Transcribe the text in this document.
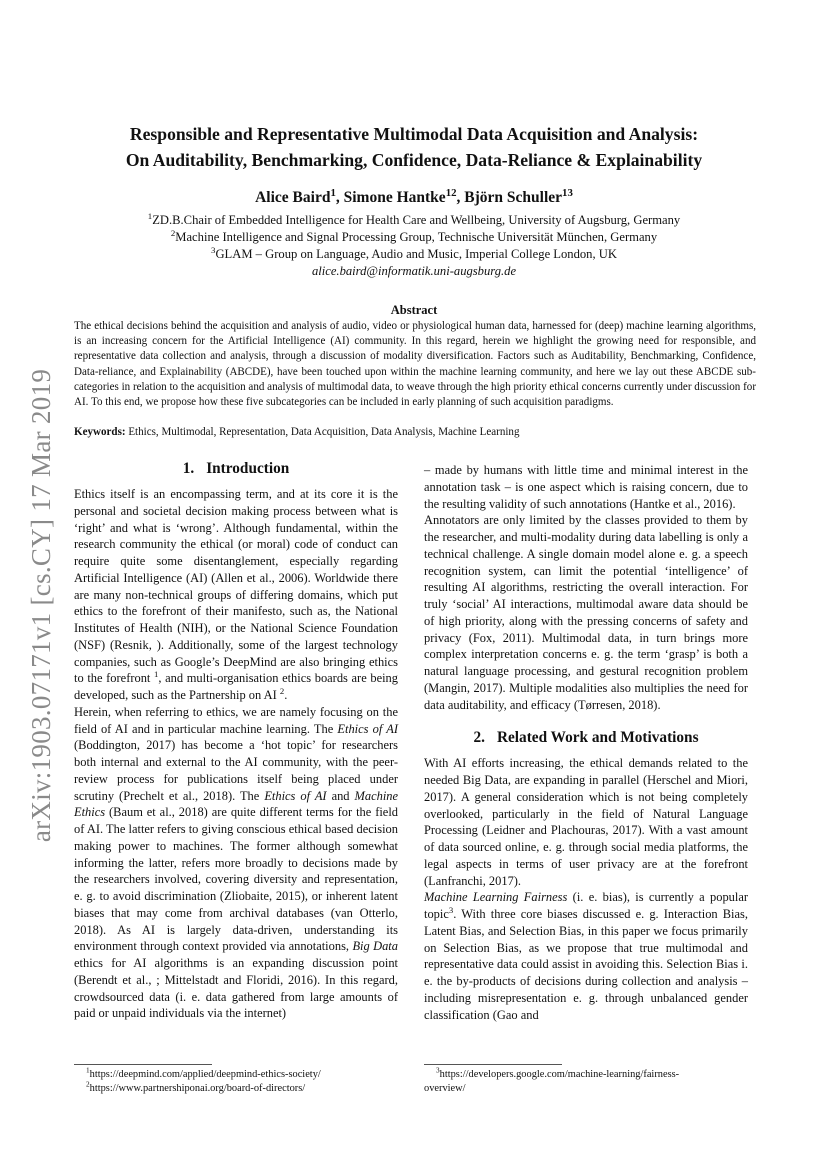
arXiv:1903.07171v1 [cs.CY] 17 Mar 2019
Responsible and Representative Multimodal Data Acquisition and Analysis:
On Auditability, Benchmarking, Confidence, Data-Reliance & Explainability
Alice Baird$^1$, Simone Hantke$^{12}$, Björn Schuller$^{13}$
$^1$ZD.B.Chair of Embedded Intelligence for Health Care and Wellbeing, University of Augsburg, Germany
$^2$Machine Intelligence and Signal Processing Group, Technische Universität München, Germany
$^3$GLAM – Group on Language, Audio and Music, Imperial College London, UK
alice.baird@informatik.uni-augsburg.de
Abstract
The ethical decisions behind the acquisition and analysis of audio, video or physiological human data, harnessed for (deep) machine learning algorithms, is an increasing concern for the Artificial Intelligence (AI) community. In this regard, herein we highlight the growing need for responsible, and representative data collection and analysis, through a discussion of modality diversification. Factors such as Auditability, Benchmarking, Confidence, Data-reliance, and Explainability (ABCDE), have been touched upon within the machine learning community, and here we lay out these ABCDE sub-categories in relation to the acquisition and analysis of multimodal data, to weave through the high priority ethical concerns currently under discussion for AI. To this end, we propose how these five subcategories can be included in early planning of such acquisition paradigms.
Keywords: Ethics, Multimodal, Representation, Data Acquisition, Data Analysis, Machine Learning
1. Introduction

Ethics itself is an encompassing term, and at its core it is the personal and societal decision making process between what is ‘right’ and what is ‘wrong’. Although fundamental, within the research community the ethical (or moral) code of conduct can require quite some disentanglement, especially regarding Artificial Intelligence (AI) (Allen et al., 2006). Worldwide there are many non-technical groups of differing domains, which put ethics to the forefront of their manifesto, such as, the National Institutes of Health (NIH), or the National Science Foundation (NSF) (Resnik, ). Additionally, some of the largest technology companies, such as Google’s DeepMind are also bringing ethics to the forefront $^1$, and multi-organisation ethics boards are being developed, such as the Partnership on AI $^2$.

Herein, when referring to ethics, we are namely focusing on the field of AI and in particular machine learning. The Ethics of AI (Boddington, 2017) has become a ‘hot topic’ for researchers both internal and external to the AI community, with the peer-review process for publications itself being placed under scrutiny (Prechelt et al., 2018). The Ethics of AI and Machine Ethics (Baum et al., 2018) are quite different terms for the field of AI. The latter refers to giving conscious ethical based decision making power to machines. The former although somewhat informing the latter, refers more broadly to decisions made by the researchers involved, covering diversity and representation, e. g. to avoid discrimination (Zliobaite, 2015), or inherent latent biases that may come from archival databases (van Otterlo, 2018). As AI is largely data-driven, understanding its environment through context provided via annotations, Big Data ethics for AI algorithms is an expanding discussion point (Berendt et al., ; Mittelstadt and Floridi, 2016). In this regard, crowdsourced data (i. e. data gathered from large amounts of paid or unpaid individuals via the internet)

– made by humans with little time and minimal interest in the annotation task – is one aspect which is raising concern, due to the resulting validity of such annotations (Hantke et al., 2016).

Annotators are only limited by the classes provided to them by the researcher, and multi-modality during data labelling is only a technical challenge. A single domain model alone e. g. a speech recognition system, can limit the potential ‘intelligence’ of resulting AI algorithms, restricting the overall interaction. For truly ‘social’ AI interactions, multimodal aware data should be of high priority, along with the pressing concerns of safety and privacy (Fox, 2011). Multimodal data, in turn brings more complex interpretation concerns e. g. the term ‘grasp’ is both a natural language processing, and gestural recognition problem (Mangin, 2017). Multiple modalities also multiplies the need for data auditability, and efficacy (Tørresen, 2018).

2. Related Work and Motivations

With AI efforts increasing, the ethical demands related to the needed Big Data, are expanding in parallel (Herschel and Miori, 2017). A general consideration which is not being completely overlooked, particularly in the field of Natural Language Processing (Leidner and Plachouras, 2017). With a vast amount of data sourced online, e. g. through social media platforms, the legal aspects in terms of user privacy are at the forefront (Lanfranchi, 2017).

Machine Learning Fairness (i. e. bias), is currently a popular topic$^3$. With three core biases discussed e. g. Interaction Bias, Latent Bias, and Selection Bias, in this paper we focus primarily on Selection Bias, as we propose that true multimodal and representative data could assist in avoiding this. Selection Bias i. e. the by-products of decisions during collection and analysis – including misrepresentation e. g. through unbalanced gender classification (Gao and

$^1$https://deepmind.com/applied/deepmind-ethics-society/
$^2$https://www.partnershiponai.org/board-of-directors/
$^3$https://developers.google.com/machine-learning/fairness-
overview/
